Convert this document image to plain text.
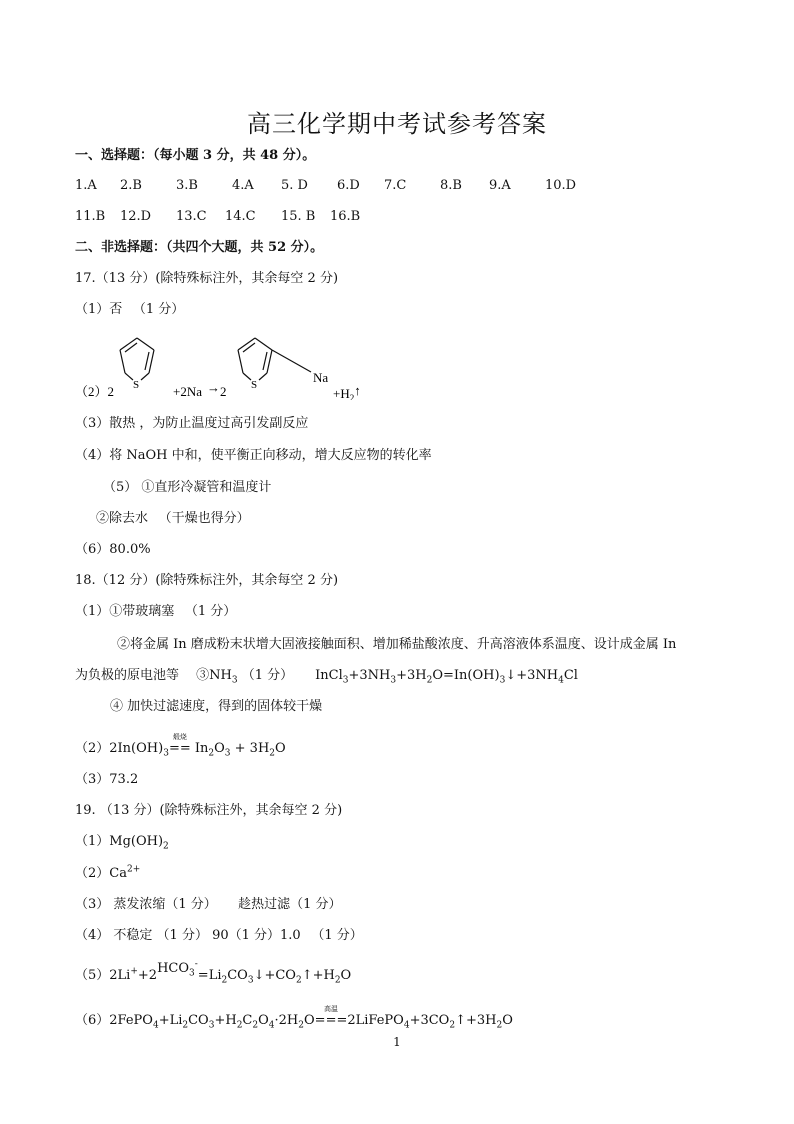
高三化学期中考试参考答案
一、选择题：（每小题 3 分，共 48 分）。
1.A 2.B	3.B	4.A 5. D 6.D 7.C	8.B 9.A	10.D
11.B 12.D 13.C 14.C 15. B 16.B
二、非选择题：（共四个大题，共 52 分）。
17.（13 分）(除特殊标注外，其余每空 2 分)
（1）否 　（1 分）
（2）2 S	+2Na → 2 S	Na
$+H_2↑$
（3）散热 ，为防止温度过高引发副反应
（4）将 NaOH 中和，使平衡正向移动，增大反应物的转化率
（5） ①直形冷凝管和温度计
②除去水 　（干燥也得分）
（6）80.0%
18.（12 分）(除特殊标注外，其余每空 2 分)
（1）①带玻璃塞 　（1 分）
②将金属 In 磨成粉末状增大固液接触面积、增加稀盐酸浓度、升高溶液体系温度、设计成金属 In
为负极的原电池等 　$③NH_3$ （1 分） $InCl_3+3NH_3+3H_2O=In(OH)_3↓+3NH_4Cl$
④ 加快过滤速度，得到的固体较干燥
$(2)2In(OH)_3$
煅烧
== $In_2O_3 + 3H_2O$
（3）73.2
19. （13 分）(除特殊标注外，其余每空 2 分)
$(1)Mg(OH)_2$
$(2)Ca^{2+}$
（3） 蒸发浓缩（1 分） 　 趁热过滤（1 分）
（4） 不稳定 （1 分） 90（1 分）1.0 　（1 分）
$(5)2Li^++2HCO_3^-=Li_2CO_3↓+CO_2↑+H_2O$
$(6)2FePO_4+Li_2CO_3+H_2C_2O_4\cdot 2H_2O$
高温
$===2LiFePO_4+3CO_2↑+3H_2O$
1
